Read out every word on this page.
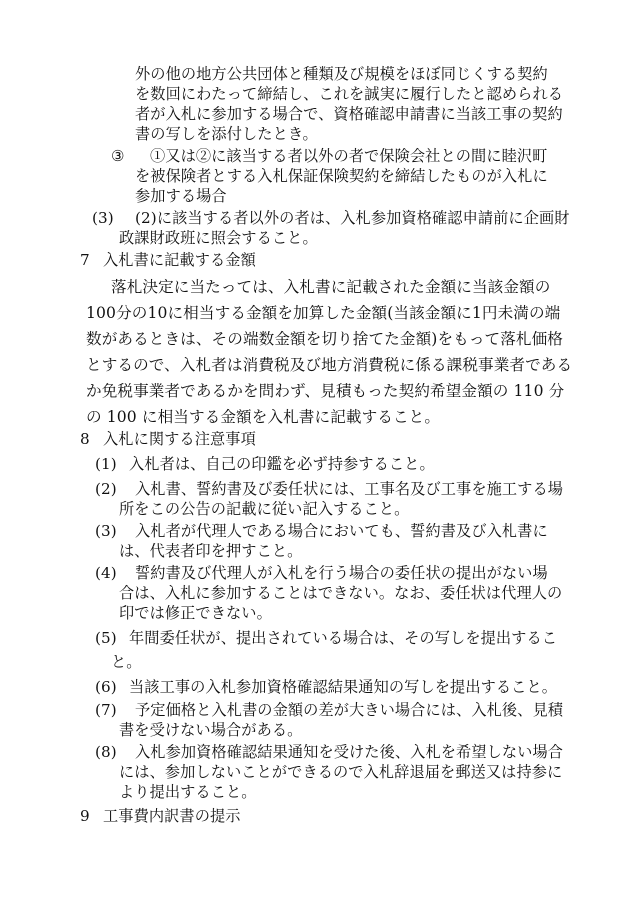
外の他の地方公共団体と種類及び規模をほぼ同じくする契約

を数回にわたって締結し、これを誠実に履行したと認められる

者が入札に参加する場合で、資格確認申請書に当該工事の契約

書の写しを添付したとき。

③ ①又は②に該当する者以外の者で保険会社との間に睦沢町

を被保険者とする入札保証保険契約を締結したものが入札に

参加する場合

(3) (2)に該当する者以外の者は、入札参加資格確認申請前に企画財

政課財政班に照会すること。

7 入札書に記載する金額

落札決定に当たっては、入札書に記載された金額に当該金額の

100分の10に相当する金額を加算した金額(当該金額に1円未満の端

数があるときは、その端数金額を切り捨てた金額)をもって落札価格

とするので、入札者は消費税及び地方消費税に係る課税事業者である

か免税事業者であるかを問わず、見積もった契約希望金額の 110 分

の 100 に相当する金額を入札書に記載すること。

8 入札に関する注意事項

(1) 入札者は、自己の印鑑を必ず持参すること。

(2) 入札書、誓約書及び委任状には、工事名及び工事を施工する場

所をこの公告の記載に従い記入すること。

(3) 入札者が代理人である場合においても、誓約書及び入札書に

は、代表者印を押すこと。

(4) 誓約書及び代理人が入札を行う場合の委任状の提出がない場

合は、入札に参加することはできない。なお、委任状は代理人の

印では修正できない。

(5) 年間委任状が、提出されている場合は、その写しを提出するこ

と。

(6) 当該工事の入札参加資格確認結果通知の写しを提出すること。

(7) 予定価格と入札書の金額の差が大きい場合には、入札後、見積

書を受けない場合がある。

(8) 入札参加資格確認結果通知を受けた後、入札を希望しない場合

には、参加しないことができるので入札辞退届を郵送又は持参に

より提出すること。

9 工事費内訳書の提示
